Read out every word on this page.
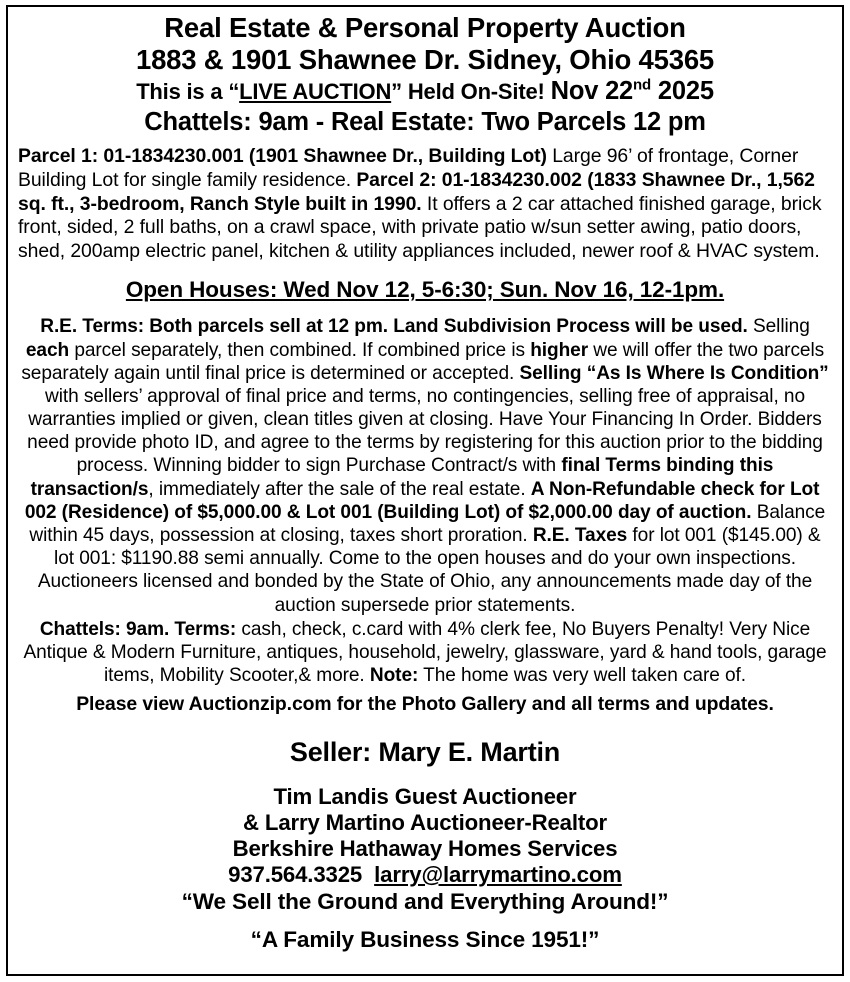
Real Estate & Personal Property Auction
1883 & 1901 Shawnee Dr. Sidney, Ohio 45365
This is a “LIVE AUCTION” Held On-Site! Nov 22nd 2025
Chattels: 9am - Real Estate: Two Parcels 12 pm
Parcel 1: 01-1834230.001 (1901 Shawnee Dr., Building Lot) Large 96’ of frontage, Corner Building Lot for single family residence. Parcel 2: 01-1834230.002 (1833 Shawnee Dr., 1,562 sq. ft., 3-bedroom, Ranch Style built in 1990. It offers a 2 car attached finished garage, brick front, sided, 2 full baths, on a crawl space, with private patio w/sun setter awing, patio doors, shed, 200amp electric panel, kitchen & utility appliances included, newer roof & HVAC system.
Open Houses: Wed Nov 12, 5-6:30; Sun. Nov 16, 12-1pm.
R.E. Terms: Both parcels sell at 12 pm. Land Subdivision Process will be used. Selling each parcel separately, then combined. If combined price is higher we will offer the two parcels separately again until final price is determined or accepted. Selling “As Is Where Is Condition” with sellers’ approval of final price and terms, no contingencies, selling free of appraisal, no warranties implied or given, clean titles given at closing. Have Your Financing In Order. Bidders need provide photo ID, and agree to the terms by registering for this auction prior to the bidding process. Winning bidder to sign Purchase Contract/s with final Terms binding this transaction/s, immediately after the sale of the real estate. A Non-Refundable check for Lot 002 (Residence) of $5,000.00 & Lot 001 (Building Lot) of $2,000.00 day of auction. Balance within 45 days, possession at closing, taxes short proration. R.E. Taxes for lot 001 ($145.00) & lot 001: $1190.88 semi annually. Come to the open houses and do your own inspections. Auctioneers licensed and bonded by the State of Ohio, any announcements made day of the auction supersede prior statements.
Chattels: 9am. Terms: cash, check, c.card with 4% clerk fee, No Buyers Penalty! Very Nice Antique & Modern Furniture, antiques, household, jewelry, glassware, yard & hand tools, garage items, Mobility Scooter,& more. Note: The home was very well taken care of.
Please view Auctionzip.com for the Photo Gallery and all terms and updates.
Seller: Mary E. Martin
Tim Landis Guest Auctioneer
& Larry Martino Auctioneer-Realtor
Berkshire Hathaway Homes Services
937.564.3325 larry@larrymartino.com
“We Sell the Ground and Everything Around!”
“A Family Business Since 1951!”
